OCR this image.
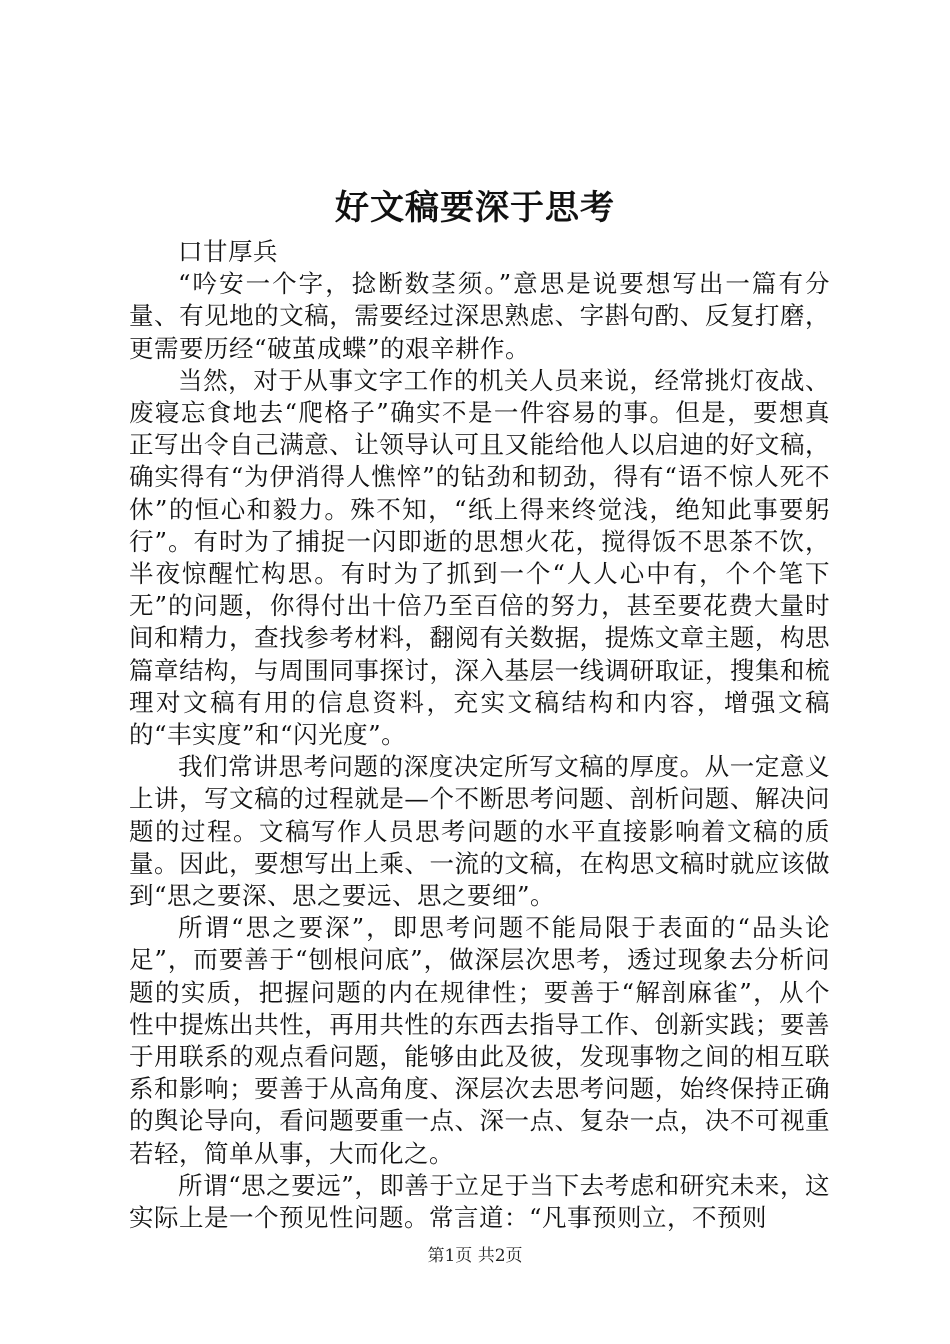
好文稿要深于思考

口甘厚兵

“吟安一个字，捻断数茎须。”意思是说要想写出一篇有分量、有见地的文稿，需要经过深思熟虑、字斟句酌、反复打磨，更需要历经“破茧成蝶”的艰辛耕作。

当然，对于从事文字工作的机关人员来说，经常挑灯夜战、废寝忘食地去“爬格子”确实不是一件容易的事。但是，要想真正写出令自己满意、让领导认可且又能给他人以启迪的好文稿，确实得有“为伊消得人憔悴”的钻劲和韧劲，得有“语不惊人死不休”的恒心和毅力。殊不知，“纸上得来终觉浅，绝知此事要躬行”。有时为了捕捉一闪即逝的思想火花，搅得饭不思茶不饮，半夜惊醒忙构思。有时为了抓到一个“人人心中有，个个笔下无”的问题，你得付出十倍乃至百倍的努力，甚至要花费大量时间和精力，查找参考材料，翻阅有关数据，提炼文章主题，构思篇章结构，与周围同事探讨，深入基层一线调研取证，搜集和梳理对文稿有用的信息资料，充实文稿结构和内容，增强文稿的“丰实度”和“闪光度”。

我们常讲思考问题的深度决定所写文稿的厚度。从一定意义上讲，写文稿的过程就是—个不断思考问题、剖析问题、解决问题的过程。文稿写作人员思考问题的水平直接影响着文稿的质量。因此，要想写出上乘、一流的文稿，在构思文稿时就应该做到“思之要深、思之要远、思之要细”。

所谓“思之要深”，即思考问题不能局限于表面的“品头论足”，而要善于“刨根问底”，做深层次思考，透过现象去分析问题的实质，把握问题的内在规律性；要善于“解剖麻雀”，从个性中提炼出共性，再用共性的东西去指导工作、创新实践；要善于用联系的观点看问题，能够由此及彼，发现事物之间的相互联系和影响；要善于从高角度、深层次去思考问题，始终保持正确的舆论导向，看问题要重一点、深一点、复杂一点，决不可视重若轻，简单从事，大而化之。

所谓“思之要远”，即善于立足于当下去考虑和研究未来，这实际上是一个预见性问题。常言道：“凡事预则立，不预则

第1页 共2页
